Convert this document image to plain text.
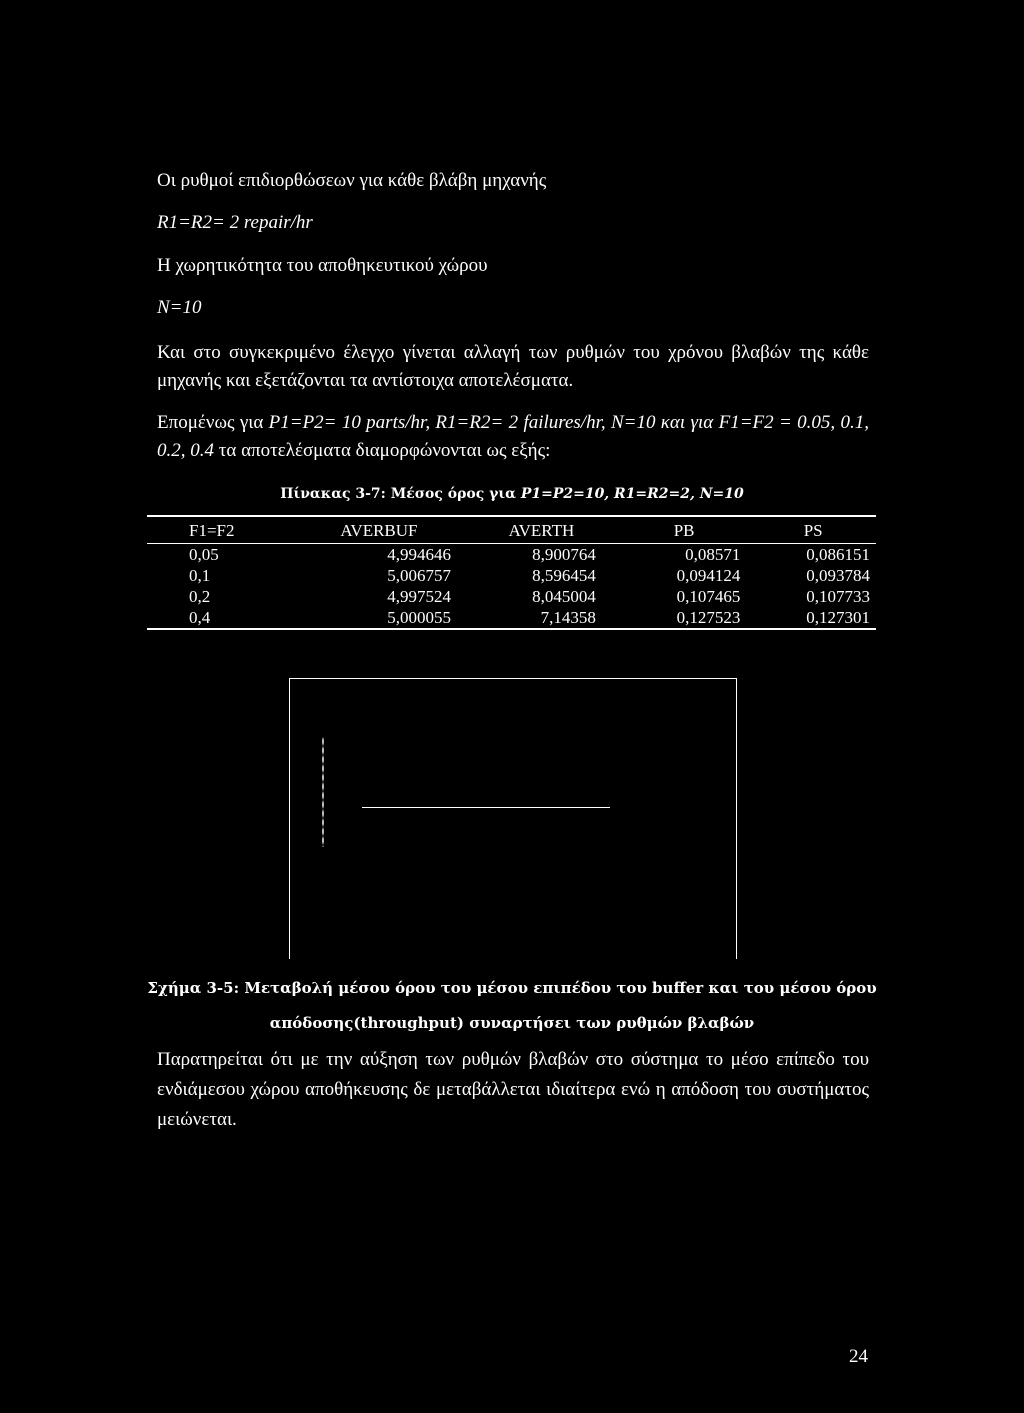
Οι ρυθμοί επιδιορθώσεων για κάθε βλάβη μηχανής

R1=R2= 2 repair/hr

Η χωρητικότητα του αποθηκευτικού χώρου

N=10

Και στο συγκεκριμένο έλεγχο γίνεται αλλαγή των ρυθμών του χρόνου βλαβών της κάθε μηχανής και εξετάζονται τα αντίστοιχα αποτελέσματα.

Επομένως για P1=P2= 10 parts/hr, R1=R2= 2 failures/hr, N=10 και για F1=F2 = 0.05, 0.1, 0.2, 0.4 τα αποτελέσματα διαμορφώνονται ως εξής:

Πίνακας 3-7: Μέσος όρος για P1=P2=10, R1=R2=2, N=10
F1=F2	AVERBUF	AVERTH	PB	PS
0,05	4,994646	8,900764	0,08571	0,086151
0,1	5,006757	8,596454	0,094124	0,093784
0,2	4,997524	8,045004	0,107465	0,107733
0,4	5,000055	7,14358	0,127523	0,127301
Σχήμα 3-5: Μεταβολή μέσου όρου του μέσου επιπέδου του buffer και του μέσου όρου
απόδοσης(throughput) συναρτήσει των ρυθμών βλαβών

Παρατηρείται ότι με την αύξηση των ρυθμών βλαβών στο σύστημα το μέσο επίπεδο του ενδιάμεσου χώρου αποθήκευσης δε μεταβάλλεται ιδιαίτερα ενώ η απόδοση του συστήματος μειώνεται.

24
